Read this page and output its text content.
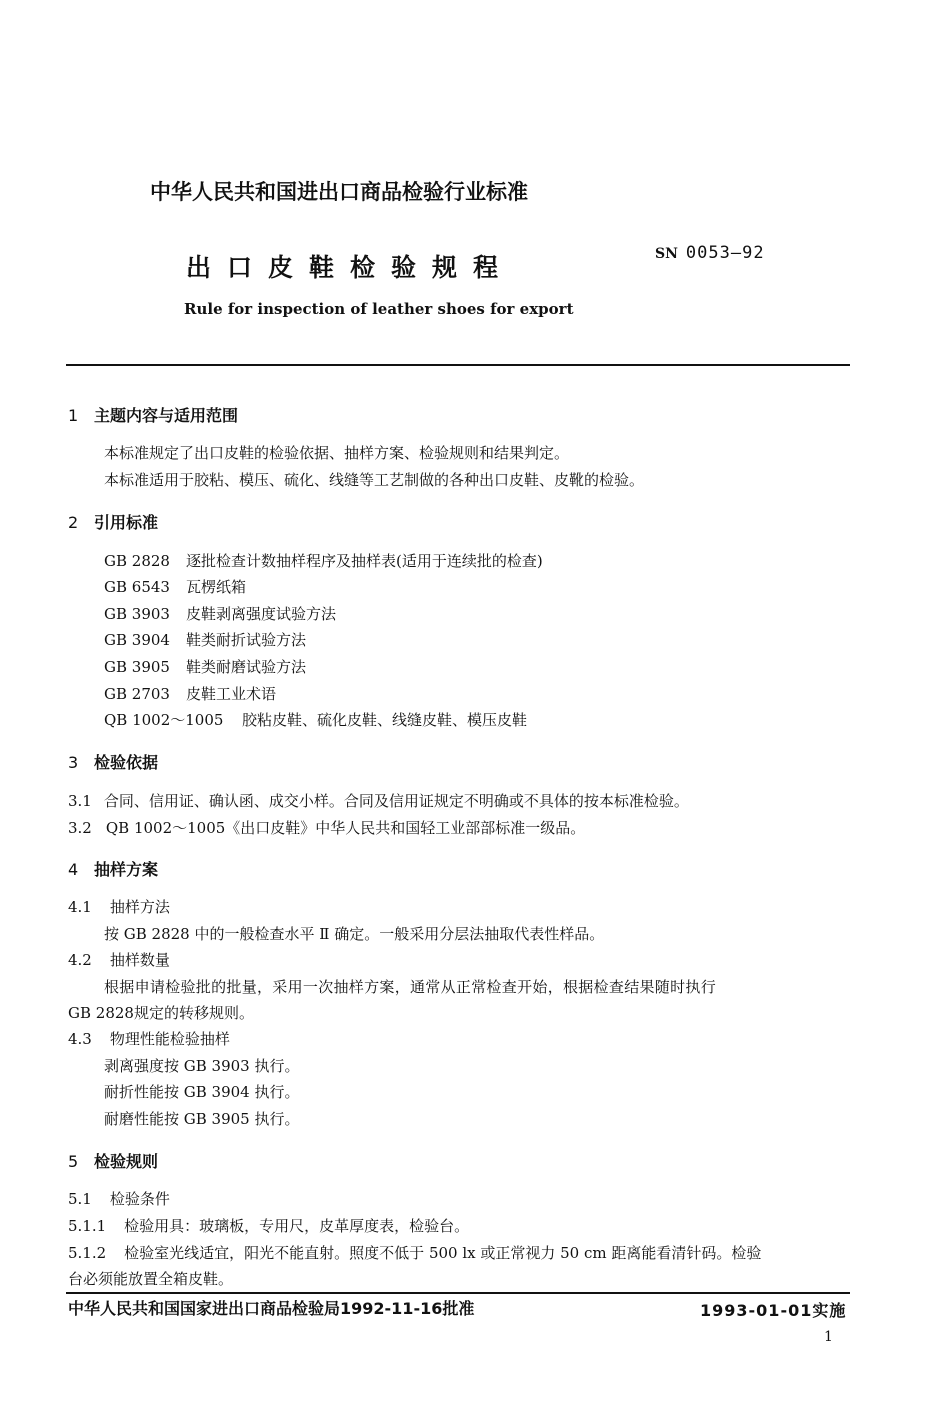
中华人民共和国进出口商品检验行业标准
出口皮鞋检验规程	SN 0053—92
Rule for inspection of leather shoes for export
1 主题内容与适用范围
本标准规定了出口皮鞋的检验依据、抽样方案、检验规则和结果判定。
本标准适用于胶粘、模压、硫化、线缝等工艺制做的各种出口皮鞋、皮靴的检验。
2 引用标准
GB 2828 逐批检查计数抽样程序及抽样表(适用于连续批的检查)
GB 6543 瓦楞纸箱
GB 3903 皮鞋剥离强度试验方法
GB 3904 鞋类耐折试验方法
GB 3905 鞋类耐磨试验方法
GB 2703 皮鞋工业术语
QB 1002～1005 胶粘皮鞋、硫化皮鞋、线缝皮鞋、模压皮鞋
3 检验依据
3.1 合同、信用证、确认函、成交小样。合同及信用证规定不明确或不具体的按本标准检验。
3.2 QB 1002～1005《出口皮鞋》中华人民共和国轻工业部部标准一级品。
4 抽样方案
4.1 抽样方法
按 GB 2828 中的一般检查水平 Ⅱ 确定。一般采用分层法抽取代表性样品。
4.2 抽样数量
根据申请检验批的批量，采用一次抽样方案，通常从正常检查开始，根据检查结果随时执行
GB 2828规定的转移规则。
4.3 物理性能检验抽样
剥离强度按 GB 3903 执行。
耐折性能按 GB 3904 执行。
耐磨性能按 GB 3905 执行。
5 检验规则
5.1 检验条件
5.1.1 检验用具：玻璃板，专用尺，皮革厚度表，检验台。
5.1.2 检验室光线适宜，阳光不能直射。照度不低于 500 lx 或正常视力 50 cm 距离能看清针码。检验
台必须能放置全箱皮鞋。
中华人民共和国国家进出口商品检验局1992-11-16批准	1993-01-01实施
1
